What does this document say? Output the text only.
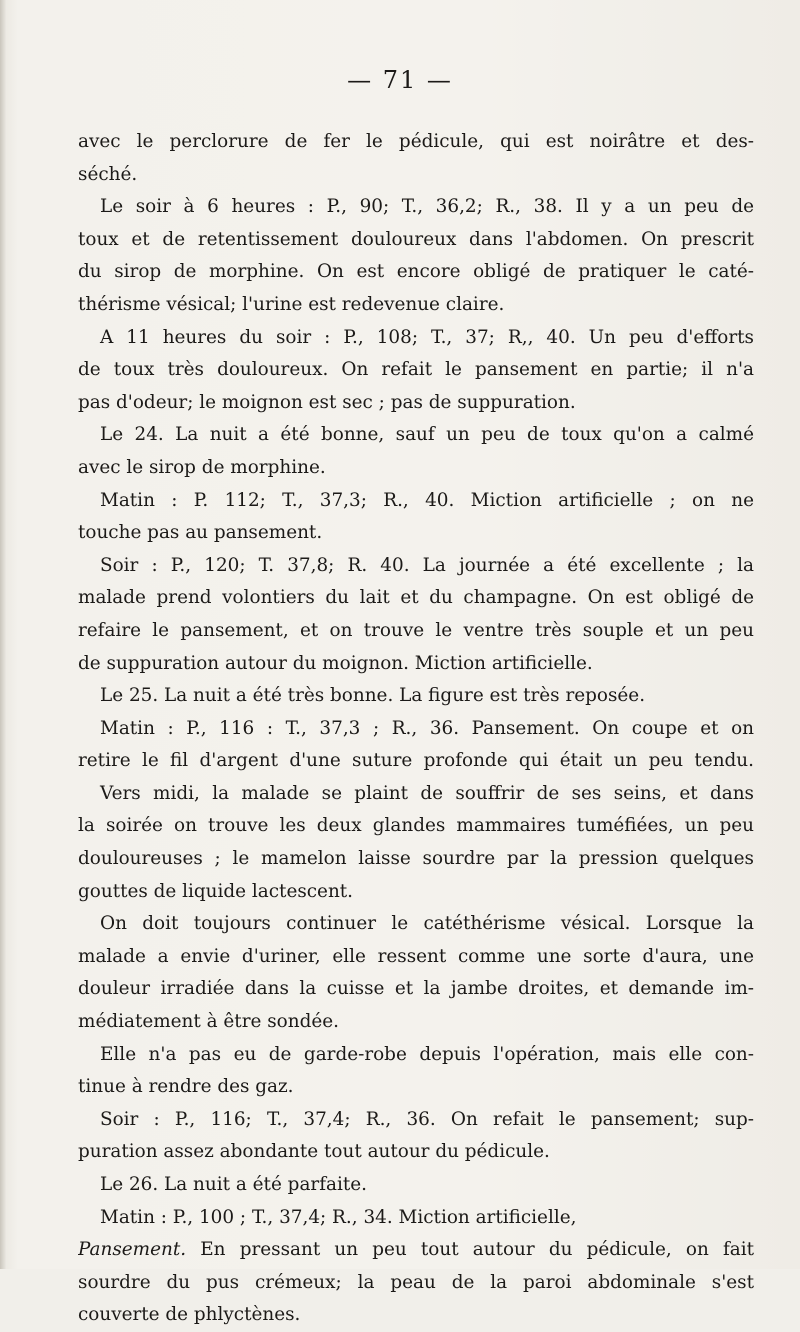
— 71 —
avec le perclorure de fer le pédicule, qui est noirâtre et des-
séché.
Le soir à 6 heures : P., 90; T., 36,2; R., 38. Il y a un peu de
toux et de retentissement douloureux dans l'abdomen. On prescrit
du sirop de morphine. On est encore obligé de pratiquer le caté-
thérisme vésical; l'urine est redevenue claire.
A 11 heures du soir : P., 108; T., 37; R,, 40. Un peu d'efforts
de toux très douloureux. On refait le pansement en partie; il n'a
pas d'odeur; le moignon est sec ; pas de suppuration.
Le 24. La nuit a été bonne, sauf un peu de toux qu'on a calmé
avec le sirop de morphine.
Matin : P. 112; T., 37,3; R., 40. Miction artificielle ; on ne
touche pas au pansement.
Soir : P., 120; T. 37,8; R. 40. La journée a été excellente ; la
malade prend volontiers du lait et du champagne. On est obligé de
refaire le pansement, et on trouve le ventre très souple et un peu
de suppuration autour du moignon. Miction artificielle.
Le 25. La nuit a été très bonne. La figure est très reposée.
Matin : P., 116 : T., 37,3 ; R., 36. Pansement. On coupe et on
retire le fil d'argent d'une suture profonde qui était un peu tendu.
Vers midi, la malade se plaint de souffrir de ses seins, et dans
la soirée on trouve les deux glandes mammaires tuméfiées, un peu
douloureuses ; le mamelon laisse sourdre par la pression quelques
gouttes de liquide lactescent.
On doit toujours continuer le catéthérisme vésical. Lorsque la
malade a envie d'uriner, elle ressent comme une sorte d'aura, une
douleur irradiée dans la cuisse et la jambe droites, et demande im-
médiatement à être sondée.
Elle n'a pas eu de garde-robe depuis l'opération, mais elle con-
tinue à rendre des gaz.
Soir : P., 116; T., 37,4; R., 36. On refait le pansement; sup-
puration assez abondante tout autour du pédicule.
Le 26. La nuit a été parfaite.
Matin : P., 100 ; T., 37,4; R., 34. Miction artificielle,
Pansement. En pressant un peu tout autour du pédicule, on fait
sourdre du pus crémeux; la peau de la paroi abdominale s'est
couverte de phlyctènes.
